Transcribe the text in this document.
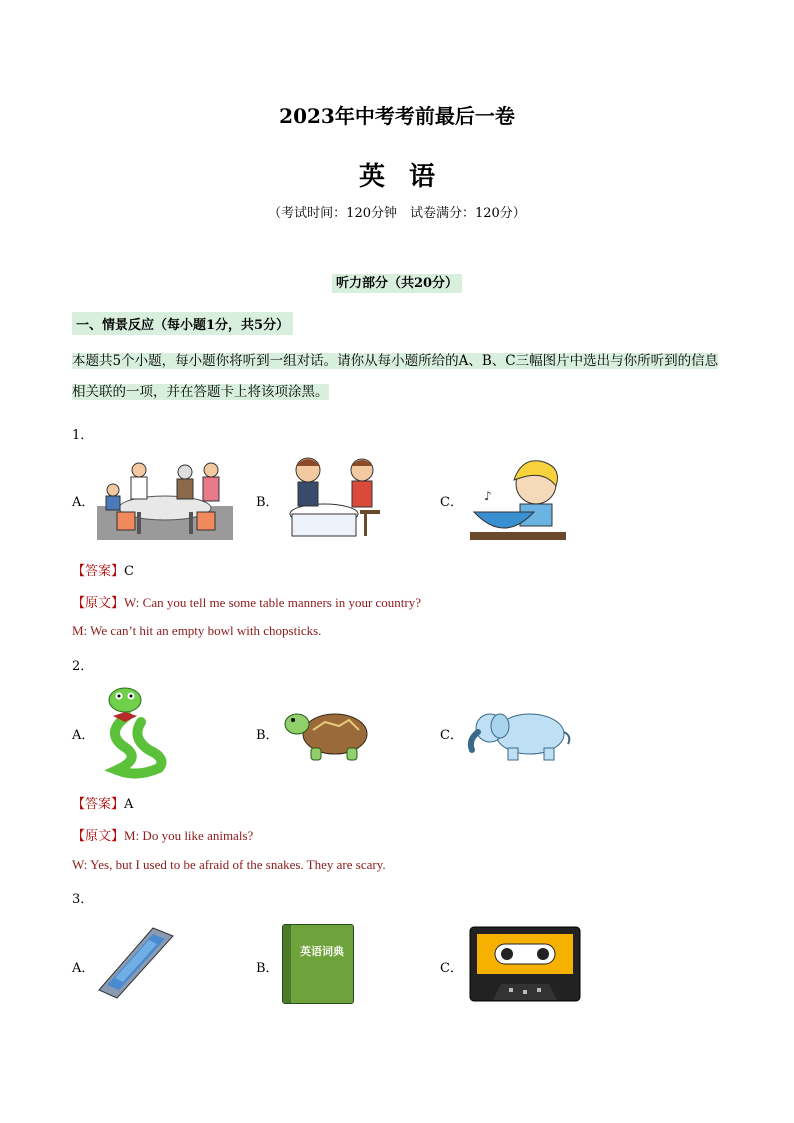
2023年中考考前最后一卷
英语
（考试时间：120分钟　试卷满分：120分）
听力部分（共20分）
一、情景反应（每小题1分，共5分）
本题共5个小题，每小题你将听到一组对话。请你从每小题所给的A、B、C三幅图片中选出与你所听到的信息相关联的一项，并在答题卡上将该项涂黑。
1．
A．	B．	C． ♪
【答案】C
【原文】W: Can you tell me some table manners in your country?
M: We can’t hit an empty bowl with chopsticks.
2．
A．	B．	C．
【答案】A
【原文】M: Do you like animals?
W: Yes, but I used to be afraid of the snakes. They are scary.
3．
A．	B．	C．
英语词典
